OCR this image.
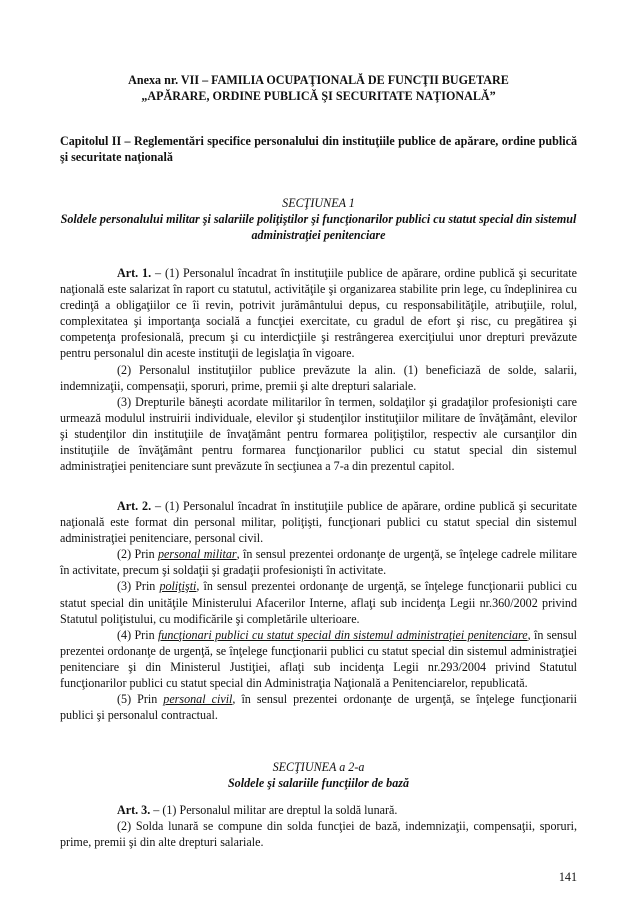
Anexa nr. VII – FAMILIA OCUPAŢIONALĂ DE FUNCŢII BUGETARE
„APĂRARE, ORDINE PUBLICĂ ŞI SECURITATE NAŢIONALĂ”

Capitolul II – Reglementări specifice personalului din instituţiile publice de apărare, ordine publică şi securitate naţională

SECŢIUNEA 1
Soldele personalului militar şi salariile poliţiştilor şi funcţionarilor publici cu statut special din sistemul administraţiei penitenciare

Art. 1. – (1) Personalul încadrat în instituţiile publice de apărare, ordine publică şi securitate naţională este salarizat în raport cu statutul, activităţile şi organizarea stabilite prin lege, cu îndeplinirea cu credinţă a obligaţiilor ce îi revin, potrivit jurământului depus, cu responsabilităţile, atribuţiile, rolul, complexitatea şi importanţa socială a funcţiei exercitate, cu gradul de efort şi risc, cu pregătirea şi competenţa profesională, precum şi cu interdicţiile şi restrângerea exerciţiului unor drepturi prevăzute pentru personalul din aceste instituţii de legislaţia în vigoare.

(2) Personalul instituţiilor publice prevăzute la alin. (1) beneficiază de solde, salarii, indemnizaţii, compensaţii, sporuri, prime, premii şi alte drepturi salariale.

(3) Drepturile băneşti acordate militarilor în termen, soldaţilor şi gradaţilor profesionişti care urmează modulul instruirii individuale, elevilor şi studenţilor instituţiilor militare de învăţământ, elevilor şi studenţilor din instituţiile de învaţământ pentru formarea poliţiştilor, respectiv ale cursanţilor din instituţiile de învăţământ pentru formarea funcţionarilor publici cu statut special din sistemul administraţiei penitenciare sunt prevăzute în secţiunea a 7-a din prezentul capitol.

Art. 2. – (1) Personalul încadrat în instituţiile publice de apărare, ordine publică şi securitate naţională este format din personal militar, poliţişti, funcţionari publici cu statut special din sistemul administraţiei penitenciare, personal civil.

(2) Prin personal militar, în sensul prezentei ordonanţe de urgenţă, se înţelege cadrele militare în activitate, precum şi soldaţii şi gradaţii profesionişti în activitate.

(3) Prin poliţişti, în sensul prezentei ordonanţe de urgenţă, se înţelege funcţionarii publici cu statut special din unităţile Ministerului Afacerilor Interne, aflaţi sub incidenţa Legii nr.360/2002 privind Statutul poliţistului, cu modificările şi completările ulterioare.

(4) Prin funcţionari publici cu statut special din sistemul administraţiei penitenciare, în sensul prezentei ordonanţe de urgenţă, se înţelege funcţionarii publici cu statut special din sistemul administraţiei penitenciare şi din Ministerul Justiţiei, aflaţi sub incidenţa Legii nr.293/2004 privind Statutul funcţionarilor publici cu statut special din Administraţia Naţională a Penitenciarelor, republicată.

(5) Prin personal civil, în sensul prezentei ordonanţe de urgenţă, se înţelege funcţionarii publici şi personalul contractual.

SECŢIUNEA a 2-a
Soldele şi salariile funcţiilor de bază

Art. 3. – (1) Personalul militar are dreptul la soldă lunară.

(2) Solda lunară se compune din solda funcţiei de bază, indemnizaţii, compensaţii, sporuri, prime, premii şi din alte drepturi salariale.

141
